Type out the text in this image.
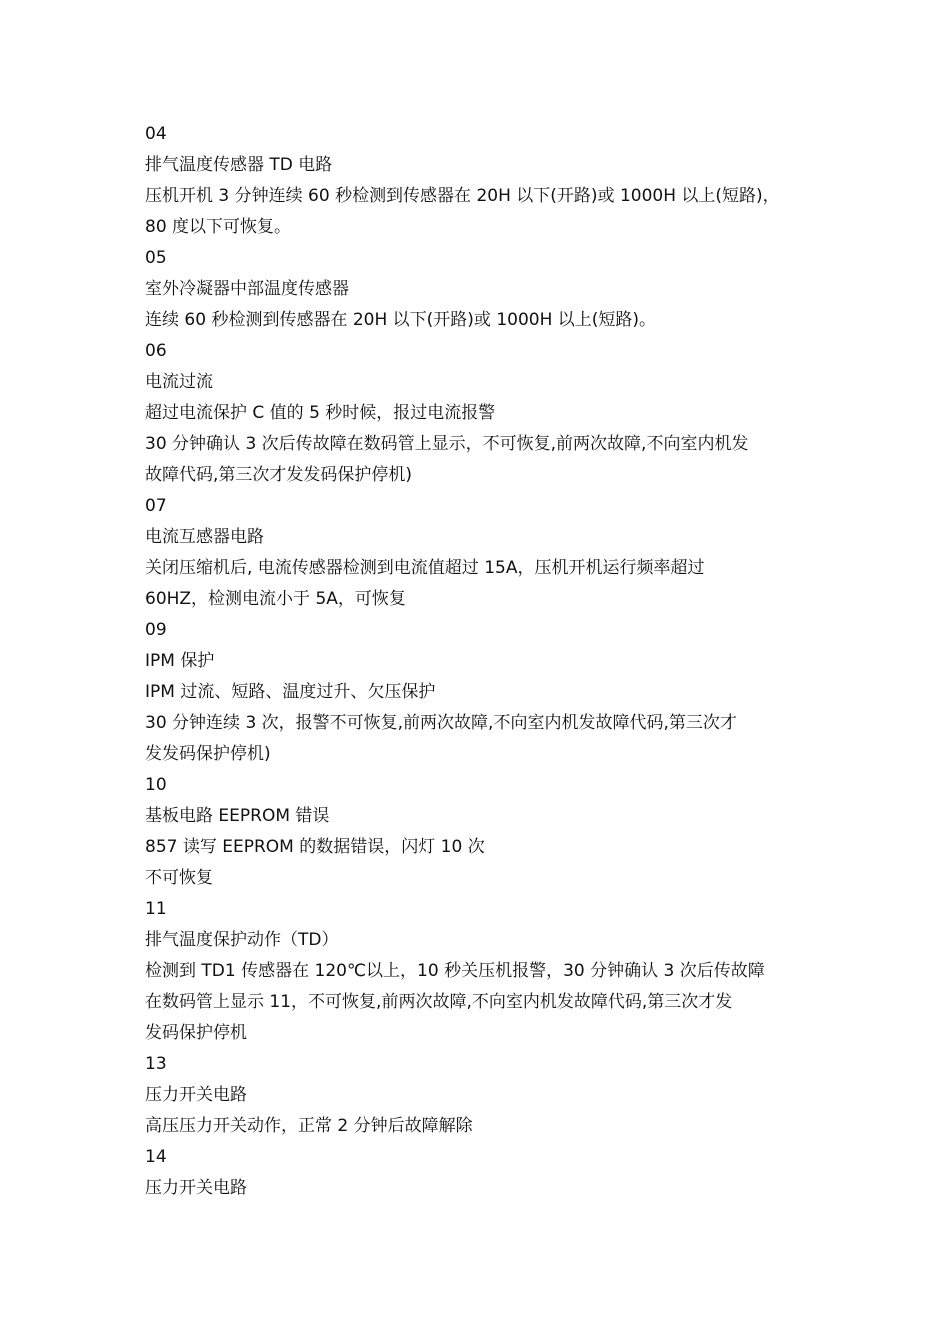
04

排气温度传感器 TD 电路

压机开机 3 分钟连续 60 秒检测到传感器在 20H 以下(开路)或 1000H 以上(短路)，

80 度以下可恢复。

05

室外冷凝器中部温度传感器

连续 60 秒检测到传感器在 20H 以下(开路)或 1000H 以上(短路)。

06

电流过流

超过电流保护 C 值的 5 秒时候，报过电流报警

30 分钟确认 3 次后传故障在数码管上显示，不可恢复,前两次故障,不向室内机发

故障代码,第三次才发发码保护停机)

07

电流互感器电路

关闭压缩机后, 电流传感器检测到电流值超过 15A，压机开机运行频率超过

60HZ，检测电流小于 5A，可恢复

09

IPM 保护

IPM 过流、短路、温度过升、欠压保护

30 分钟连续 3 次，报警不可恢复,前两次故障,不向室内机发故障代码,第三次才

发发码保护停机)

10

基板电路 EEPROM 错误

857 读写 EEPROM 的数据错误，闪灯 10 次

不可恢复

11

排气温度保护动作（TD）

检测到 TD1 传感器在 120℃以上，10 秒关压机报警，30 分钟确认 3 次后传故障

在数码管上显示 11，不可恢复,前两次故障,不向室内机发故障代码,第三次才发

发码保护停机

13

压力开关电路

高压压力开关动作，正常 2 分钟后故障解除

14

压力开关电路
